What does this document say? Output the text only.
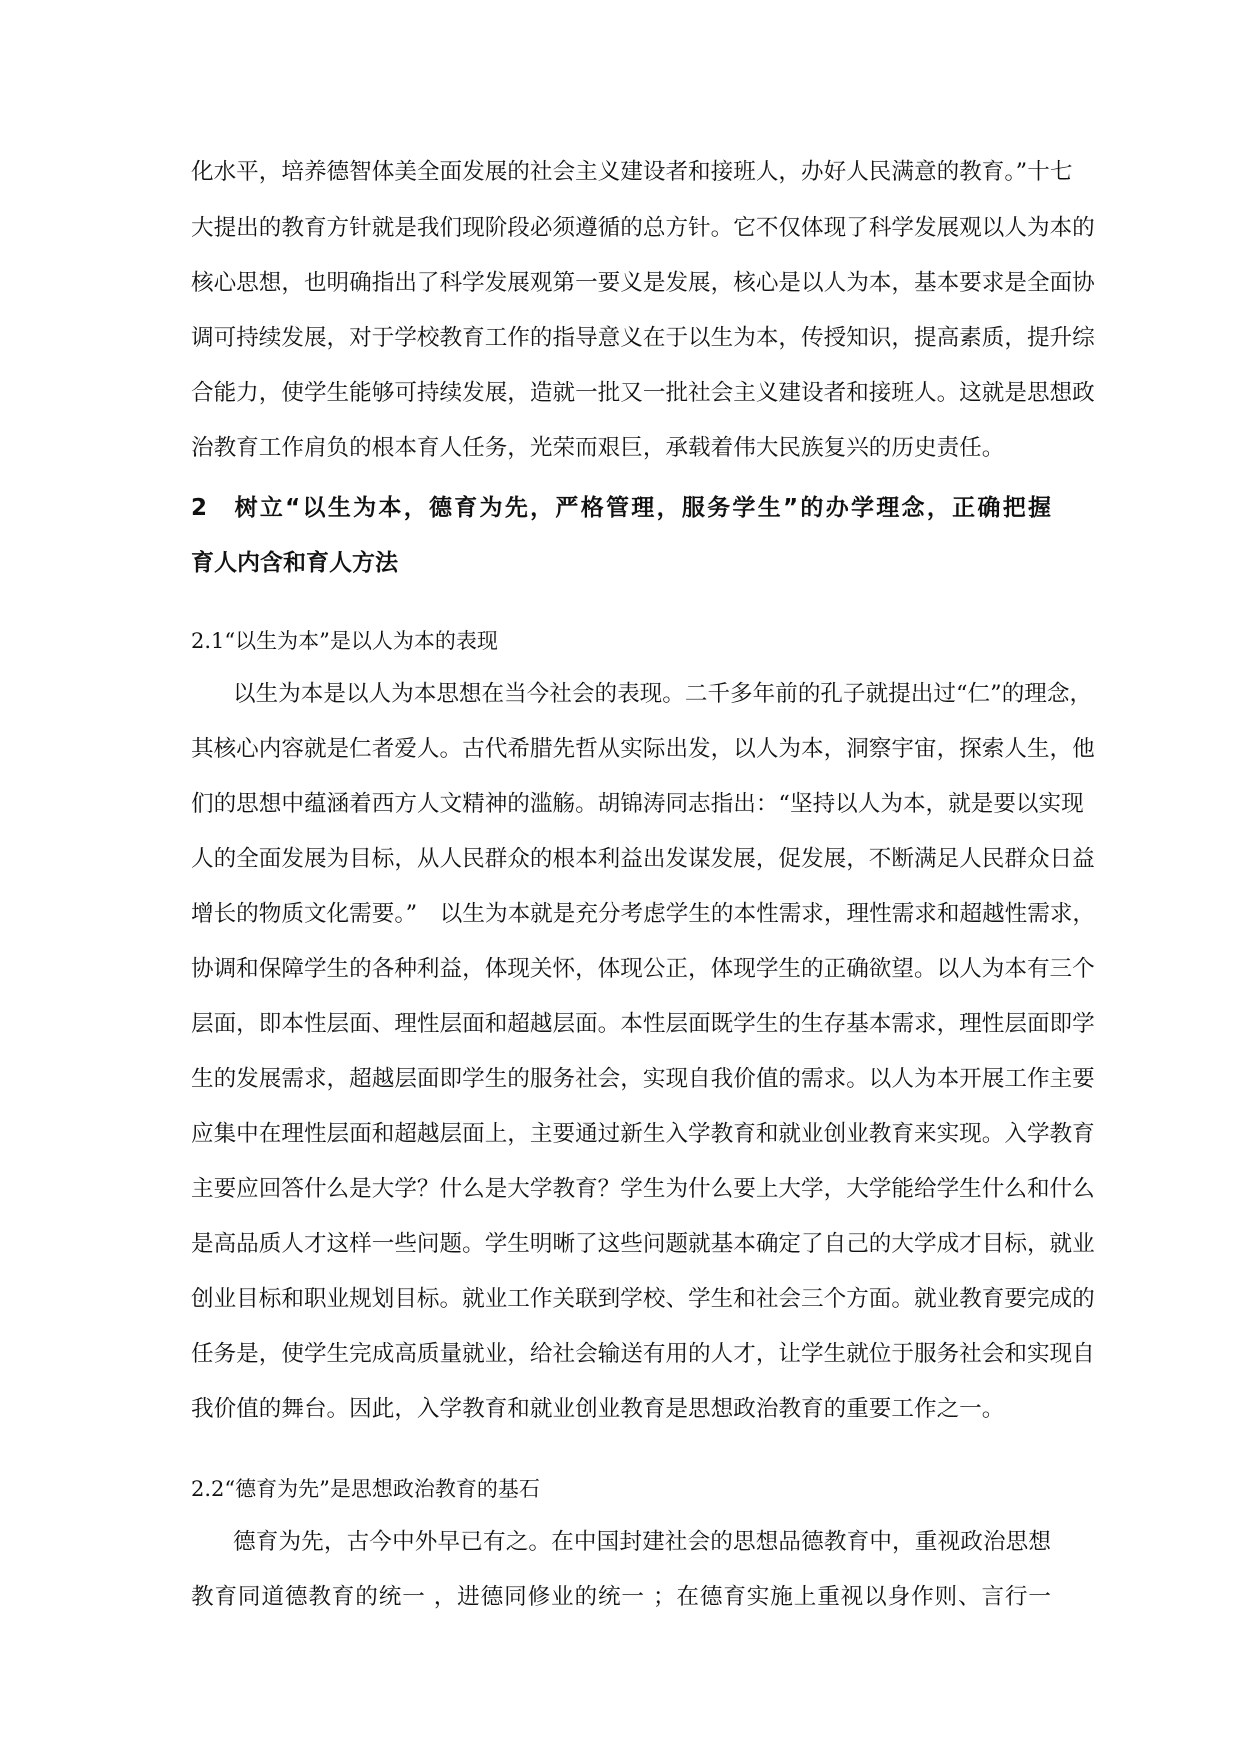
化水平，培养德智体美全面发展的社会主义建设者和接班人，办好人民满意的教育。”十七
大提出的教育方针就是我们现阶段必须遵循的总方针。它不仅体现了科学发展观以人为本的
核心思想，也明确指出了科学发展观第一要义是发展，核心是以人为本，基本要求是全面协
调可持续发展，对于学校教育工作的指导意义在于以生为本，传授知识，提高素质，提升综
合能力，使学生能够可持续发展，造就一批又一批社会主义建设者和接班人。这就是思想政
治教育工作肩负的根本育人任务，光荣而艰巨，承载着伟大民族复兴的历史责任。
2　树立“以生为本，德育为先，严格管理，服务学生”的办学理念，正确把握
育人内含和育人方法
2.1“以生为本”是以人为本的表现
以生为本是以人为本思想在当今社会的表现。二千多年前的孔子就提出过“仁”的理念，
其核心内容就是仁者爱人。古代希腊先哲从实际出发，以人为本，洞察宇宙，探索人生，他
们的思想中蕴涵着西方人文精神的滥觞。胡锦涛同志指出：“坚持以人为本，就是要以实现
人的全面发展为目标，从人民群众的根本利益出发谋发展，促发展，不断满足人民群众日益
增长的物质文化需要。”　以生为本就是充分考虑学生的本性需求，理性需求和超越性需求，
协调和保障学生的各种利益，体现关怀，体现公正，体现学生的正确欲望。以人为本有三个
层面，即本性层面、理性层面和超越层面。本性层面既学生的生存基本需求，理性层面即学
生的发展需求，超越层面即学生的服务社会，实现自我价值的需求。以人为本开展工作主要
应集中在理性层面和超越层面上，主要通过新生入学教育和就业创业教育来实现。入学教育
主要应回答什么是大学？什么是大学教育？学生为什么要上大学，大学能给学生什么和什么
是高品质人才这样一些问题。学生明晰了这些问题就基本确定了自己的大学成才目标，就业
创业目标和职业规划目标。就业工作关联到学校、学生和社会三个方面。就业教育要完成的
任务是，使学生完成高质量就业，给社会输送有用的人才，让学生就位于服务社会和实现自
我价值的舞台。因此，入学教育和就业创业教育是思想政治教育的重要工作之一。
2.2“德育为先”是思想政治教育的基石
德育为先，古今中外早已有之。在中国封建社会的思想品德教育中，重视政治思想
教育同道德教育的统一 ，进德同修业的统一 ；在德育实施上重视以身作则、言行一
